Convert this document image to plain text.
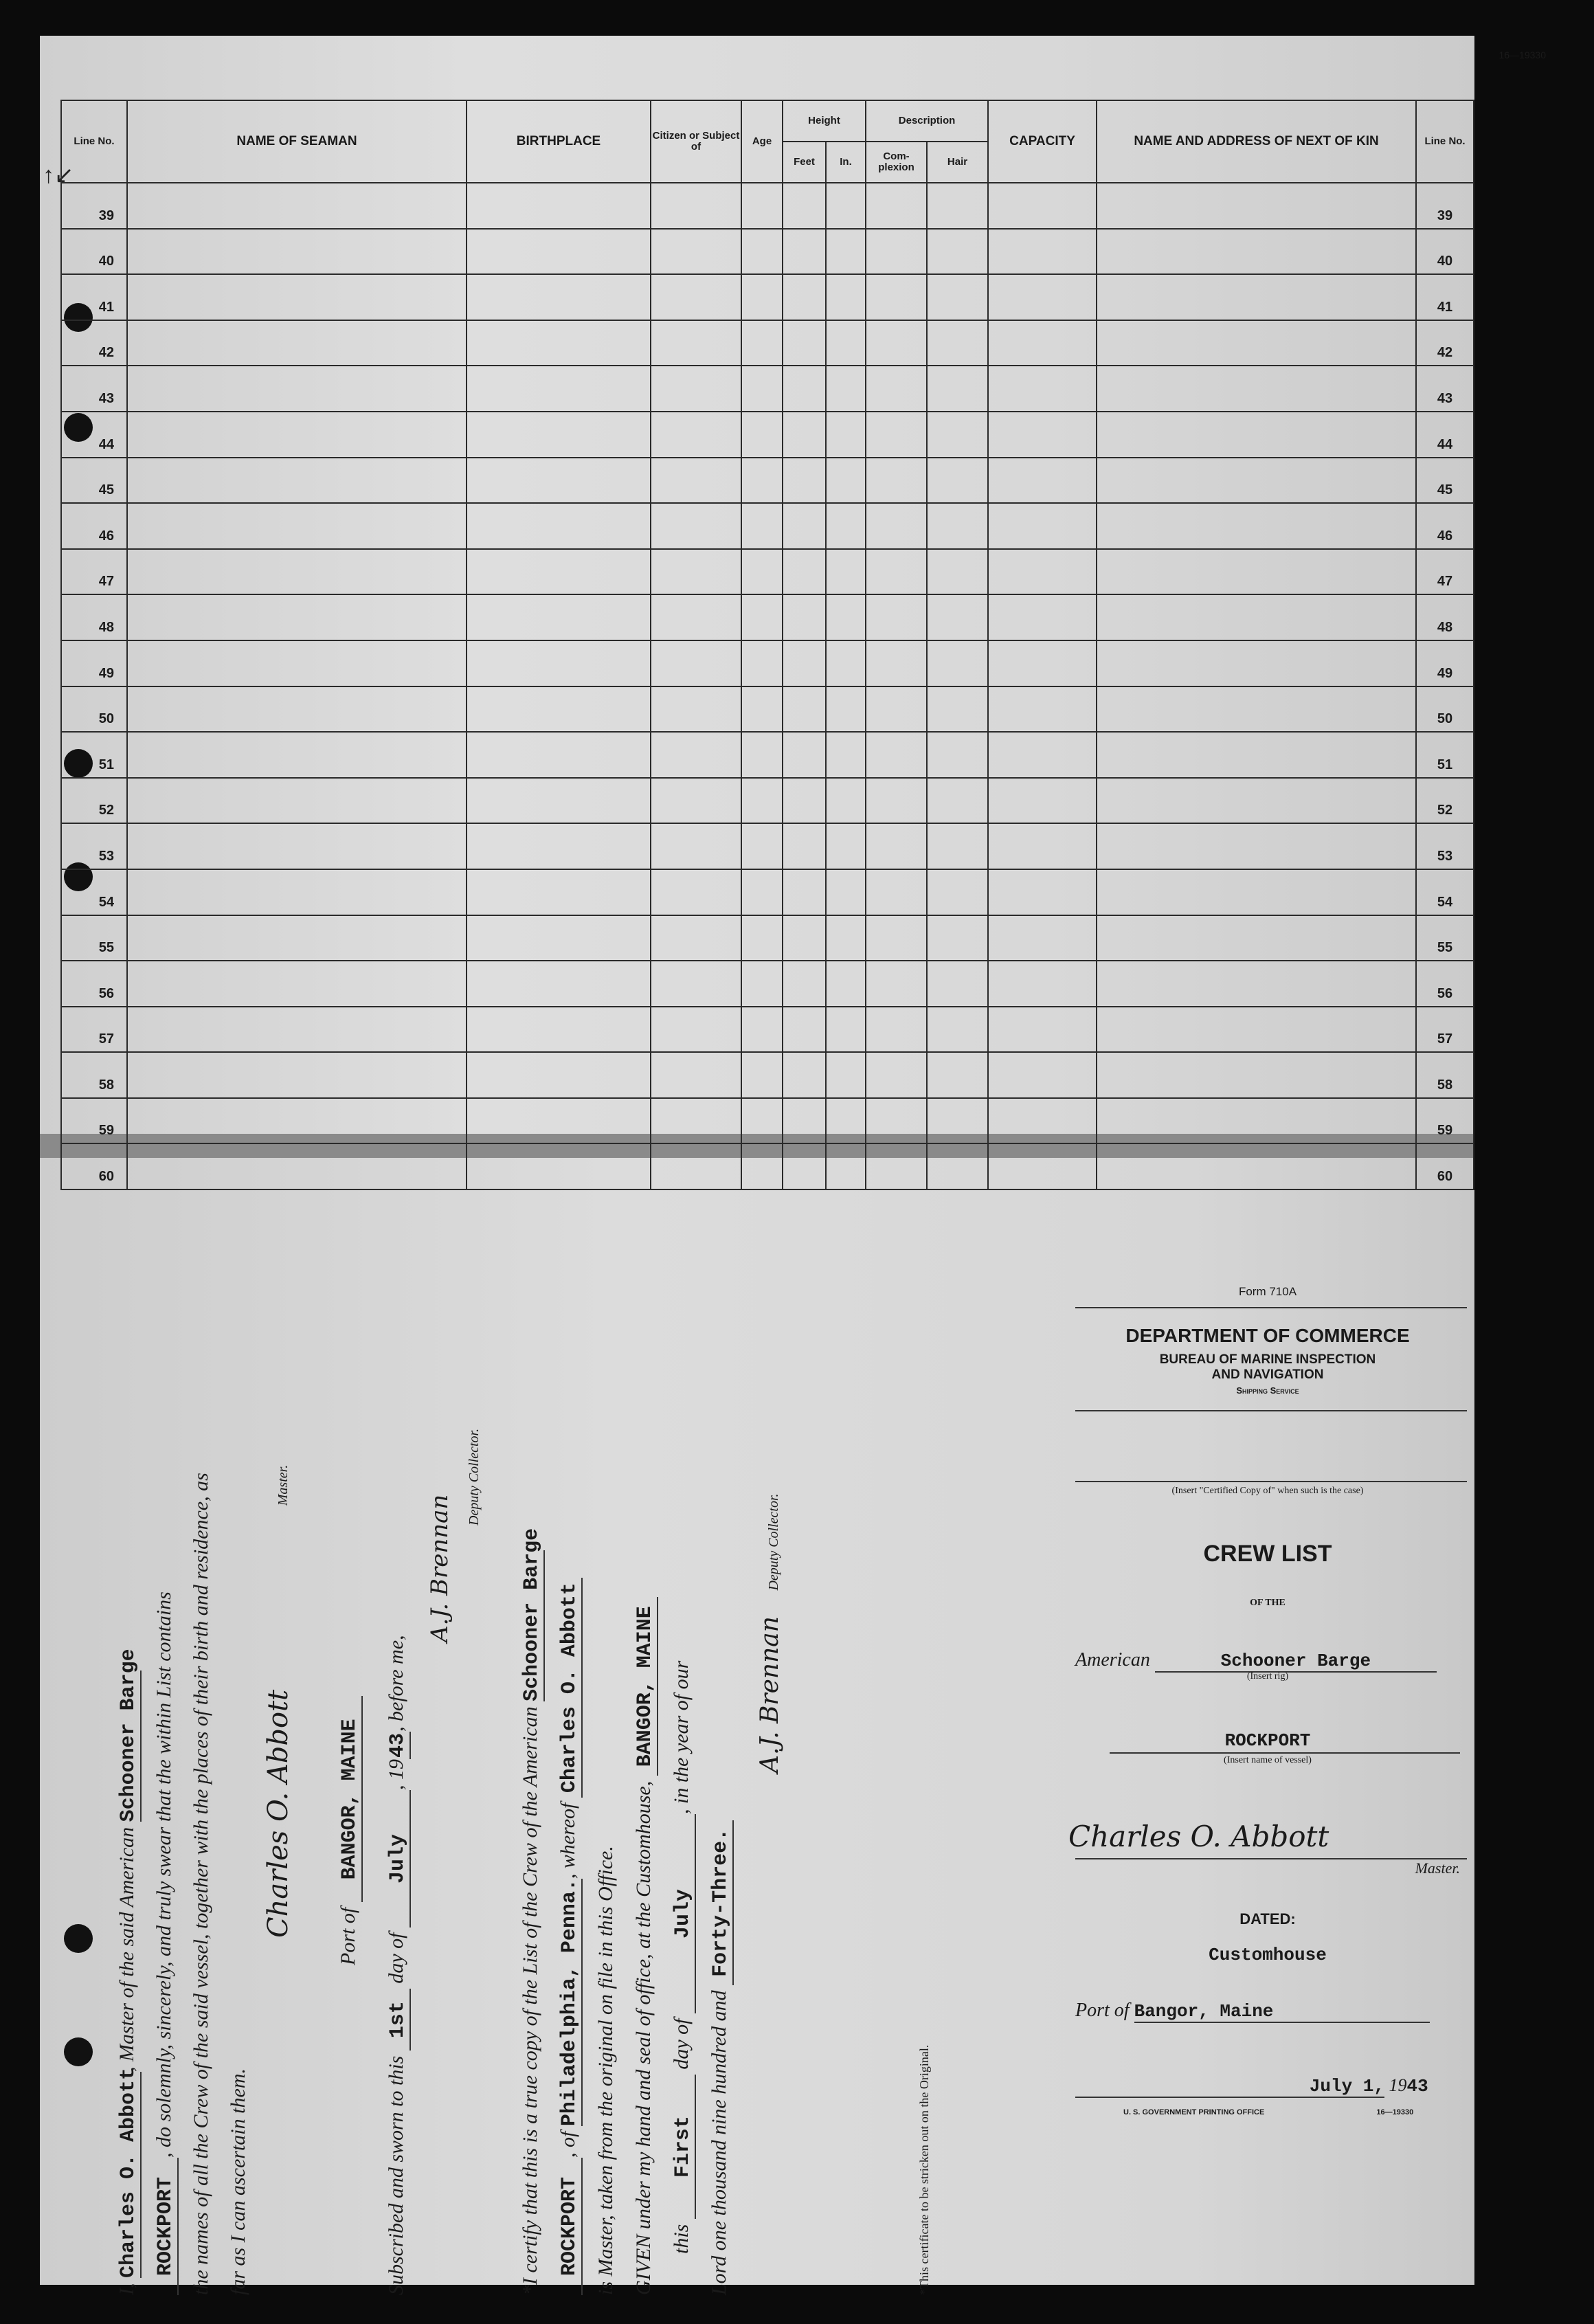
16—19330
↑↙
Line No.	NAME OF SEAMAN	BIRTHPLACE	Citizen or Subject of	Age	Height		Description		CAPACITY	NAME AND ADDRESS OF NEXT OF KIN	Line No.
					Feet	In.	Com-plexion	Hair			
39											39
40											40
41											41
42											42
43											43
44											44
45											45
46											46
47											47
48											48
49											49
50											50
51											51
52											52
53											53
54											54
55											55
56											56
57											57
58											58
59											59
60											60
I, Charles O. Abbott, Master of the said American Schooner Barge
ROCKPORT, do solemnly, sincerely, and truly swear that the within List contains the names of all the Crew of the said vessel, together with the places of their birth and residence, as far as I can ascertain them.
Charles O. Abbott Master.
Port of BANGOR, MAINE
Subscribed and sworn to this 1st day of July, 1943, before me,
A.J. Brennan
Deputy Collector.
*I certify that this is a true copy of the List of the Crew of the American Schooner Barge
ROCKPORT, of Philadelphia, Penna., whereof Charles O. Abbott
is Master, taken from the original on file in this Office. GIVEN under my hand and seal of office, at the Customhouse, BANGOR, MAINE
this First day of July, in the year of our
Lord one thousand nine hundred and Forty-Three.
A.J. Brennan Deputy Collector.
*This certificate to be stricken out on the Original.
Form 710A
DEPARTMENT OF COMMERCE
BUREAU OF MARINE INSPECTION
AND NAVIGATION
Shipping Service
(Insert "Certified Copy of" when such is the case)
CREW LIST
OF THE
American	Schooner Barge
(Insert rig)
ROCKPORT
(Insert name of vessel)
Charles O. Abbott
Master.
DATED:
Customhouse
Port of Bangor, Maine
July 1, 1943
U. S. GOVERNMENT PRINTING OFFICE	16—19330
